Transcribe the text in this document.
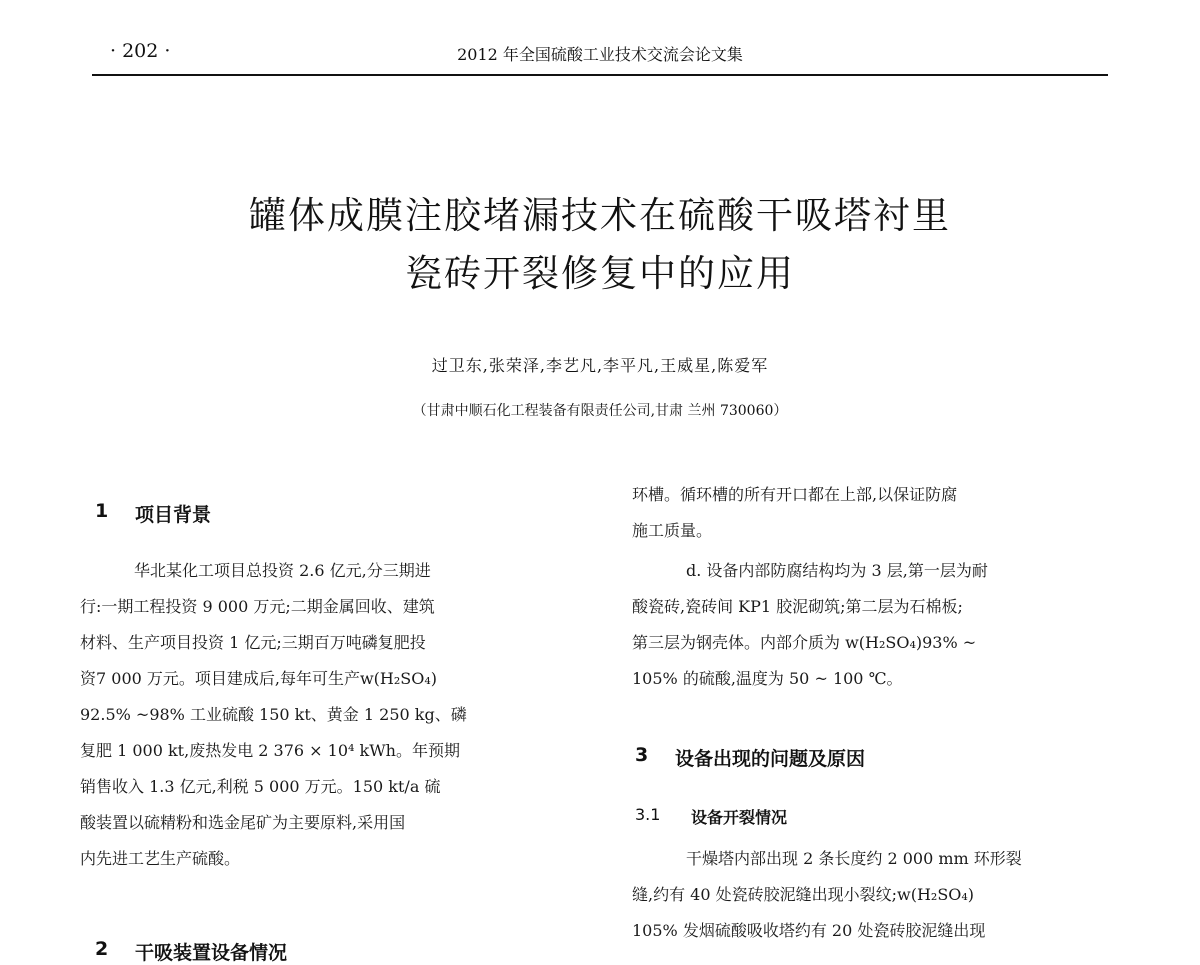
· 202 ·	2012 年全国硫酸工业技术交流会论文集
罐体成膜注胶堵漏技术在硫酸干吸塔衬里
瓷砖开裂修复中的应用
过卫东,张荣泽,李艺凡,李平凡,王威星,陈爱军
（甘肃中顺石化工程装备有限责任公司,甘肃 兰州 730060）
1	项目背景

华北某化工项目总投资 2.6 亿元,分三期进

行:一期工程投资 9 000 万元;二期金属回收、建筑

材料、生产项目投资 1 亿元;三期百万吨磷复肥投

资7 000 万元。项目建成后,每年可生产w(H₂SO₄)

92.5% ~98% 工业硫酸 150 kt、黄金 1 250 kg、磷

复肥 1 000 kt,废热发电 2 376 × 10⁴ kWh。年预期

销售收入 1.3 亿元,利税 5 000 万元。150 kt/a 硫

酸装置以硫精粉和选金尾矿为主要原料,采用国

内先进工艺生产硫酸。

2	干吸装置设备情况

环槽。循环槽的所有开口都在上部,以保证防腐

施工质量。

d. 设备内部防腐结构均为 3 层,第一层为耐

酸瓷砖,瓷砖间 KP1 胶泥砌筑;第二层为石棉板;

第三层为钢壳体。内部介质为 w(H₂SO₄)93% ~

105% 的硫酸,温度为 50 ~ 100 ℃。

3	设备出现的问题及原因
3.1	设备开裂情况

干燥塔内部出现 2 条长度约 2 000 mm 环形裂

缝,约有 40 处瓷砖胶泥缝出现小裂纹;w(H₂SO₄)

105% 发烟硫酸吸收塔约有 20 处瓷砖胶泥缝出现
